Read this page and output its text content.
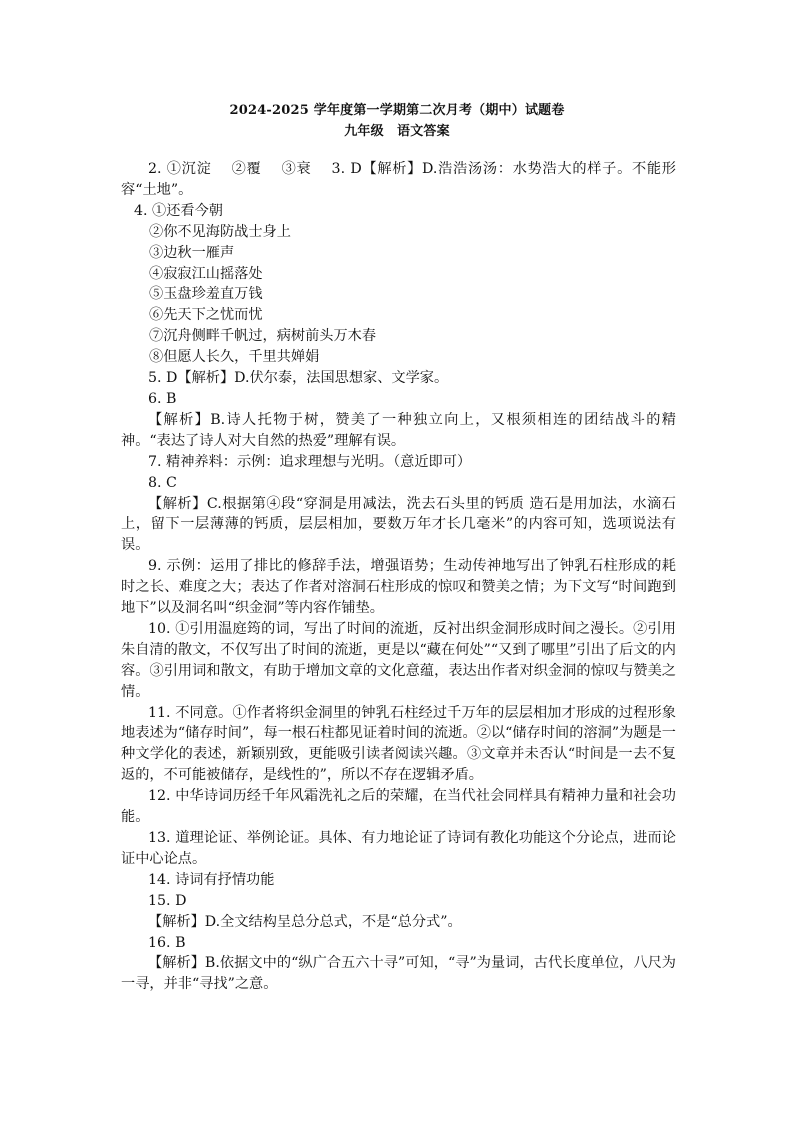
2024-2025 学年度第一学期第二次月考（期中）试题卷
九年级　语文答案

2. ①沉淀　 ②覆　 ③衰　 3. D【解析】D.浩浩汤汤：水势浩大的样子。不能形容“土地”。

4. ①还看今朝

②你不见海防战士身上

③边秋一雁声

④寂寂江山摇落处

⑤玉盘珍羞直万钱

⑥先天下之忧而忧

⑦沉舟侧畔千帆过，病树前头万木春

⑧但愿人长久，千里共婵娟

5. D【解析】D.伏尔泰，法国思想家、文学家。

6. B

【解析】B.诗人托物于树，赞美了一种独立向上，又根须相连的团结战斗的精神。“表达了诗人对大自然的热爱”理解有误。

7. 精神养料：示例：追求理想与光明。（意近即可）

8. C

【解析】C.根据第④段“穿洞是用减法，洗去石头里的钙质 造石是用加法，水滴石上，留下一层薄薄的钙质，层层相加，要数万年才长几毫米”的内容可知，选项说法有误。

9. 示例：运用了排比的修辞手法，增强语势；生动传神地写出了钟乳石柱形成的耗时之长、难度之大；表达了作者对溶洞石柱形成的惊叹和赞美之情；为下文写“时间跑到地下”以及洞名叫“织金洞”等内容作铺垫。

10. ①引用温庭筠的词，写出了时间的流逝，反衬出织金洞形成时间之漫长。②引用朱自清的散文，不仅写出了时间的流逝，更是以“藏在何处”“又到了哪里”引出了后文的内容。③引用词和散文，有助于增加文章的文化意蕴，表达出作者对织金洞的惊叹与赞美之情。

11. 不同意。①作者将织金洞里的钟乳石柱经过千万年的层层相加才形成的过程形象地表述为“储存时间”，每一根石柱都见证着时间的流逝。②以“储存时间的溶洞”为题是一种文学化的表述，新颖别致，更能吸引读者阅读兴趣。③文章并未否认“时间是一去不复返的，不可能被储存，是线性的”，所以不存在逻辑矛盾。

12. 中华诗词历经千年风霜洗礼之后的荣耀，在当代社会同样具有精神力量和社会功能。

13. 道理论证、举例论证。具体、有力地论证了诗词有教化功能这个分论点，进而论证中心论点。

14. 诗词有抒情功能

15. D

【解析】D.全文结构呈总分总式，不是“总分式”。

16. B

【解析】B.依据文中的“纵广合五六十寻”可知，“寻”为量词，古代长度单位，八尺为一寻，并非“寻找”之意。
